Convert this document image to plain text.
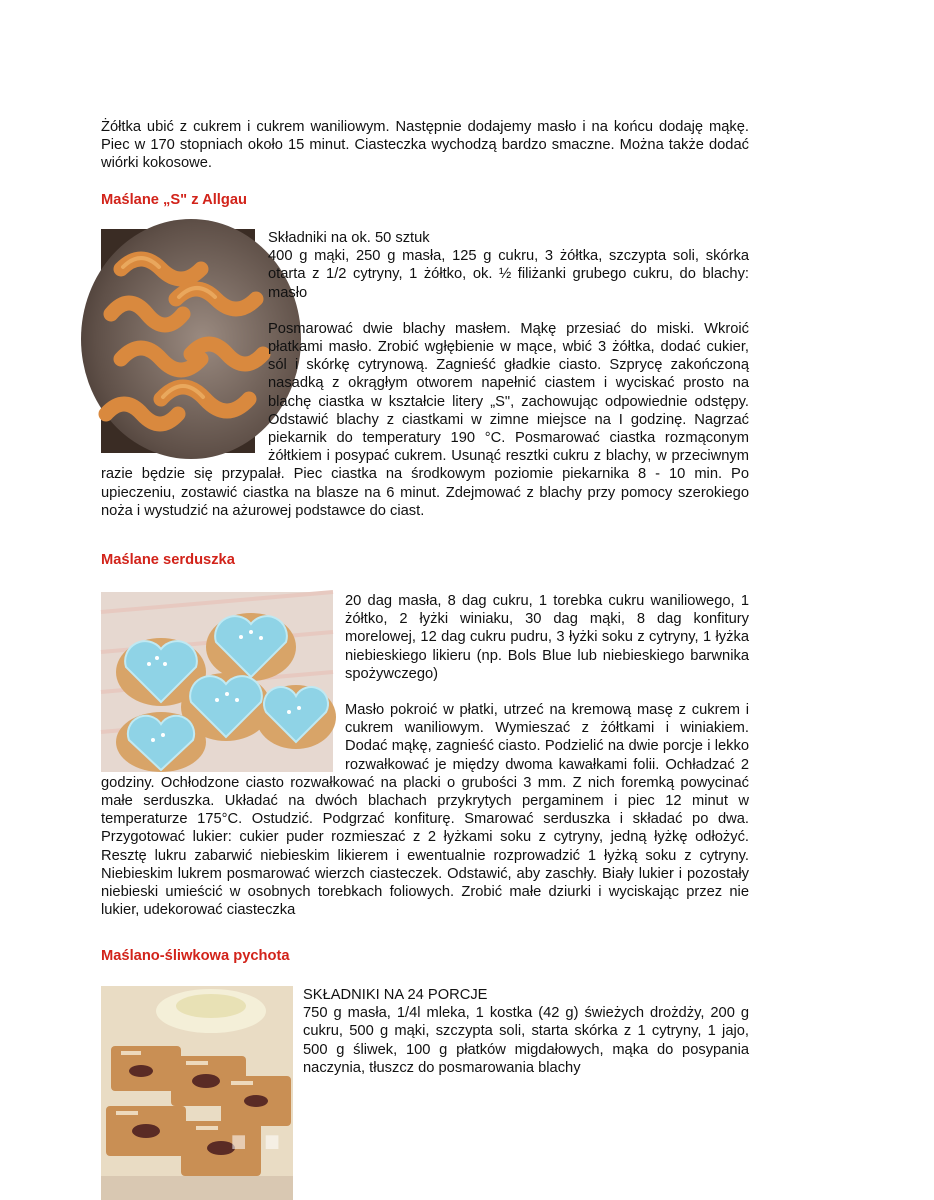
Żółtka ubić z cukrem i cukrem waniliowym. Następnie dodajemy masło i na końcu dodaję mąkę. Piec w 170 stopniach około 15 minut. Ciasteczka wychodzą bardzo smaczne. Można także dodać wiórki kokosowe.

Maślane „S" z Allgau

Składniki na ok. 50 sztuk

400 g mąki, 250 g masła, 125 g cukru, 3 żółtka, szczypta soli, skórka otarta z 1/2 cytryny, 1 żółtko, ok. ½ filiżanki grubego cukru, do blachy: masło

Posmarować dwie blachy masłem. Mąkę przesiać do miski. Wkroić płatkami masło. Zrobić wgłębienie w mące, wbić 3 żółtka, dodać cukier, sól i skórkę cytrynową. Zagnieść gładkie ciasto. Szprycę zakończoną nasadką z okrągłym otworem napełnić ciastem i wyciskać prosto na blachę ciastka w kształcie litery „S", zachowując odpowiednie odstępy. Odstawić blachy z ciastkami w zimne miejsce na I godzinę. Nagrzać piekarnik do temperatury 190 °C. Posmarować ciastka rozmąconym żółtkiem i posypać cukrem. Usunąć resztki cukru z blachy, w przeciwnym razie będzie się przypalał. Piec ciastka na środkowym poziomie piekarnika 8 - 10 min. Po upieczeniu, zostawić ciastka na blasze na 6 minut. Zdejmować z blachy przy pomocy szerokiego noża i wystudzić na ażurowej podstawce do ciast.

Maślane serduszka

20 dag masła, 8 dag cukru, 1 torebka cukru waniliowego, 1 żółtko, 2 łyżki winiaku, 30 dag mąki, 8 dag konfitury morelowej, 12 dag cukru pudru, 3 łyżki soku z cytryny, 1 łyżka niebieskiego likieru (np. Bols Blue lub niebieskiego barwnika spożywczego)

Masło pokroić w płatki, utrzeć na kremową masę z cukrem i cukrem waniliowym. Wymieszać z żółtkami i winiakiem. Dodać mąkę, zagnieść ciasto. Podzielić na dwie porcje i lekko rozwałkować je między dwoma kawałkami folii. Ochładzać 2 godziny. Ochłodzone ciasto rozwałkować na placki o grubości 3 mm. Z nich foremką powycinać małe serduszka. Układać na dwóch blachach przykrytych pergaminem i piec 12 minut w temperaturze 175°C. Ostudzić. Podgrzać konfiturę. Smarować serduszka i składać po dwa. Przygotować lukier: cukier puder rozmieszać z 2 łyżkami soku z cytryny, jedną łyżkę odłożyć. Resztę lukru zabarwić niebieskim likierem i ewentualnie rozprowadzić 1 łyżką soku z cytryny. Niebieskim lukrem posmarować wierzch ciasteczek. Odstawić, aby zaschły. Biały lukier i pozostały niebieski umieścić w osobnych torebkach foliowych. Zrobić małe dziurki i wyciskając przez nie lukier, udekorować ciasteczka

Maślano-śliwkowa pychota

SKŁADNIKI NA 24 PORCJE

750 g masła, 1/4l mleka, 1 kostka (42 g) świeżych drożdży, 200 g cukru, 500 g mąki, szczypta soli, starta skórka z 1 cytryny, 1 jajo, 500 g śliwek, 100 g płatków migdałowych, mąka do posypania naczynia, tłuszcz do posmarowania blachy

...nydomowe.pl
